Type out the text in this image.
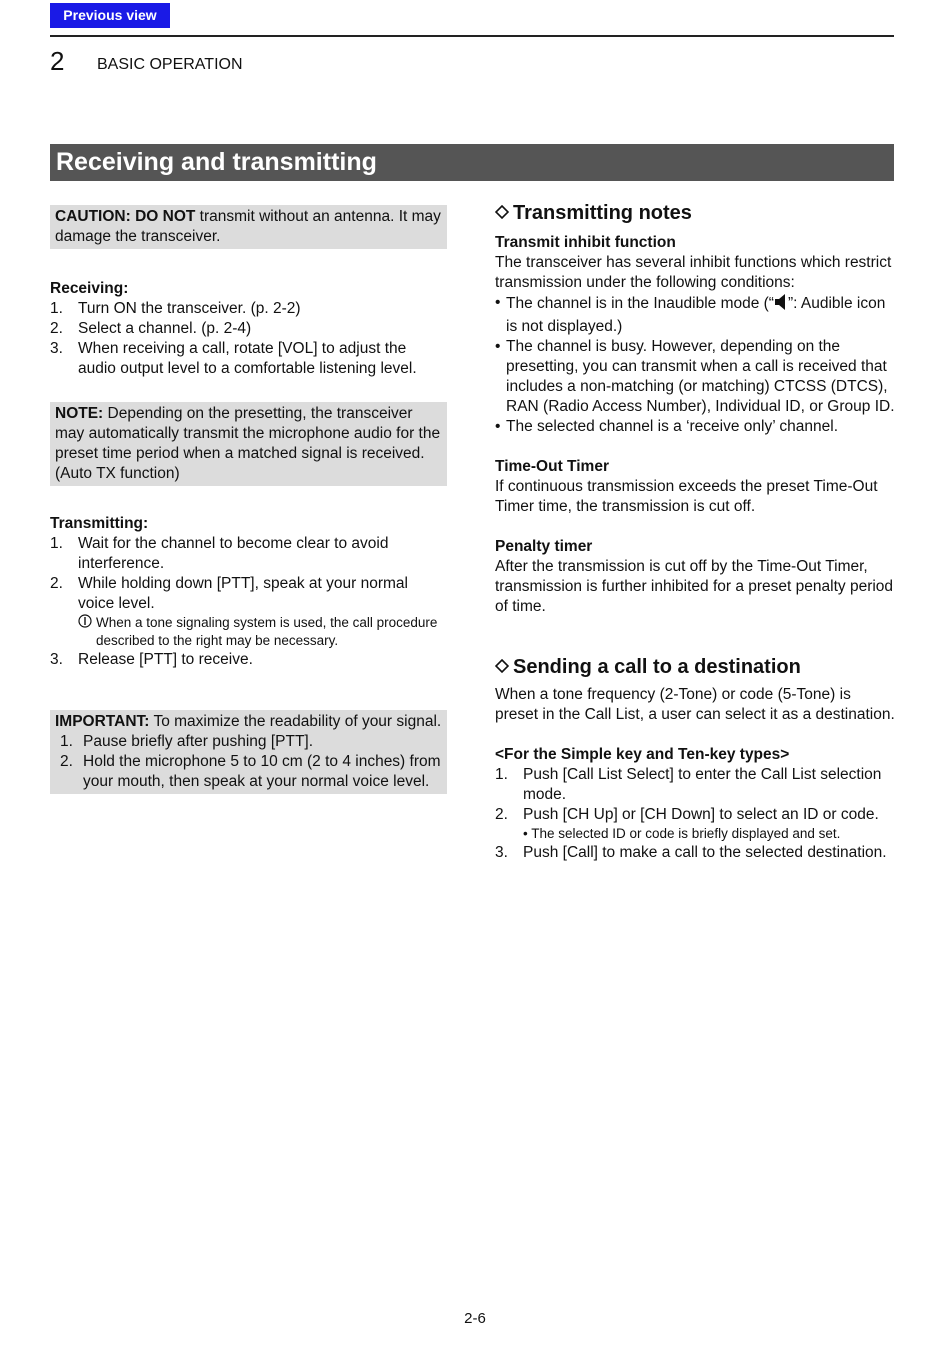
Previous view
2 BASIC OPERATION
Receiving and transmitting
CAUTION: DO NOT transmit without an antenna. It may damage the transceiver.

Receiving:

1. Turn ON the transceiver. (p. 2-2)
2. Select a channel. (p. 2-4)
3. When receiving a call, rotate [VOL] to adjust the audio output level to a comfortable listening level.
NOTE: Depending on the presetting, the transceiver may automatically transmit the microphone audio for the preset time period when a matched signal is received. (Auto TX function)

Transmitting:

1. Wait for the channel to become clear to avoid interference.
2. While holding down [PTT], speak at your normal voice level.
When a tone signaling system is used, the call procedure described to the right may be necessary.
3. Release [PTT] to receive.
IMPORTANT: To maximize the readability of your signal.
1. Pause briefly after pushing [PTT].
2. Hold the microphone 5 to 10 cm (2 to 4 inches) from your mouth, then speak at your normal voice level.
Transmitting notes

Transmit inhibit function

The transceiver has several inhibit functions which restrict transmission under the following conditions:

• The channel is in the Inaudible mode (“ ”: Audible icon is not displayed.)
• The channel is busy. However, depending on the presetting, you can transmit when a call is received that includes a non-matching (or matching) CTCSS (DTCS), RAN (Radio Access Number), Individual ID, or Group ID.
• The selected channel is a ‘receive only’ channel.

Time-Out Timer

If continuous transmission exceeds the preset Time-Out Timer time, the transmission is cut off.

Penalty timer

After the transmission is cut off by the Time-Out Timer, transmission is further inhibited for a preset penalty period of time.

Sending a call to a destination

When a tone frequency (2-Tone) or code (5-Tone) is preset in the Call List, a user can select it as a destination.

<For the Simple key and Ten-key types>

1. Push [Call List Select] to enter the Call List selection mode.
2. Push [CH Up] or [CH Down] to select an ID or code.
• The selected ID or code is briefly displayed and set.
3. Push [Call] to make a call to the selected destination.
2-6
